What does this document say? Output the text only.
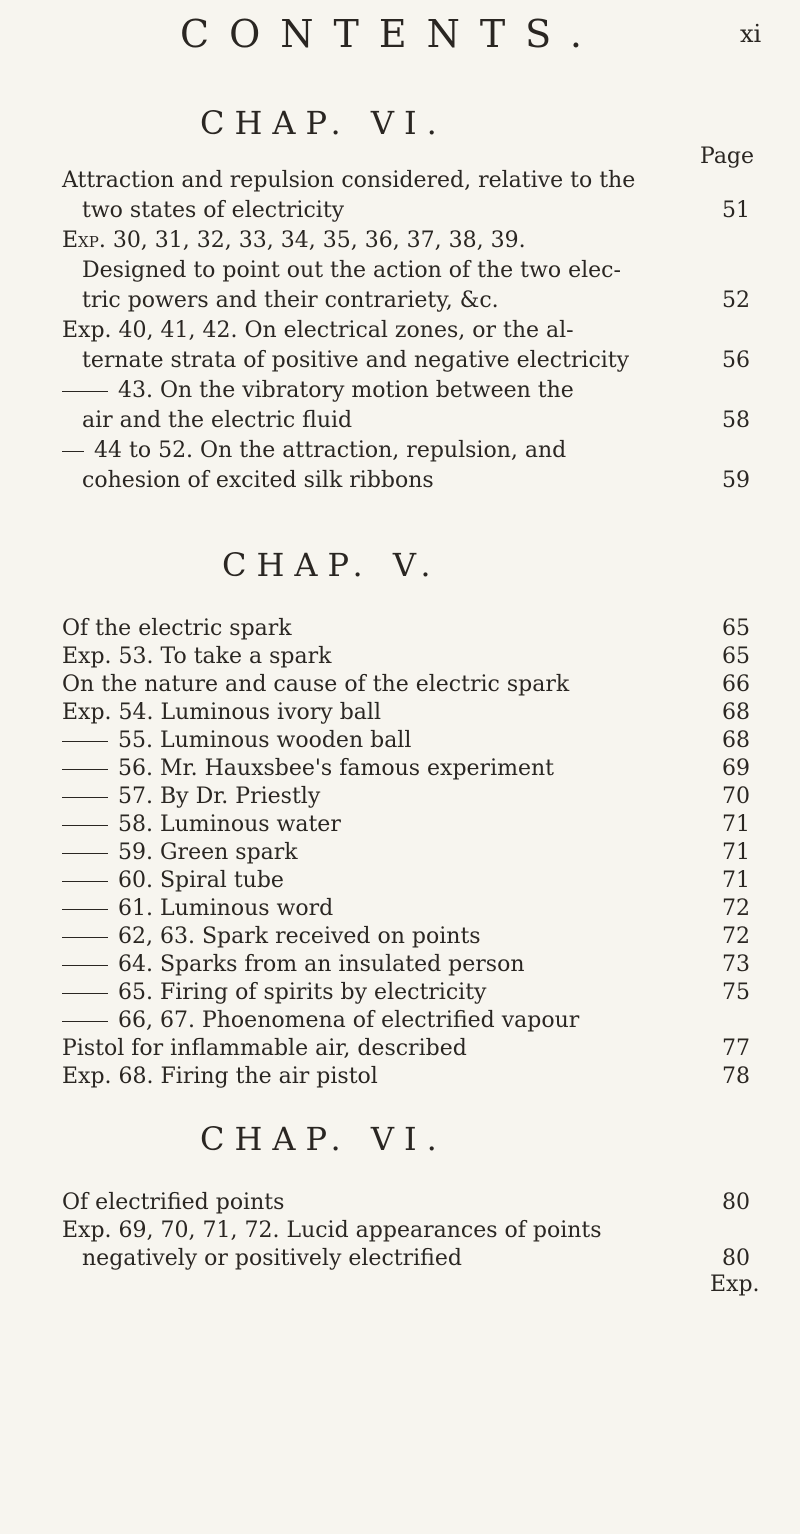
CONTENTS.	xi
CHAP. VI.
Page
Attraction and repulsion considered, relative to the
two states of electricity	51
Exp. 30, 31, 32, 33, 34, 35, 36, 37, 38, 39.
Designed to point out the action of the two elec-
tric powers and their contrariety, &c.	52
Exp. 40, 41, 42. On electrical zones, or the al-
ternate strata of positive and negative electricity	56
43. On the vibratory motion between the
air and the electric fluid	58
44 to 52. On the attraction, repulsion, and
cohesion of excited silk ribbons	59
CHAP. V.
Of the electric spark	65
Exp. 53. To take a spark	65
On the nature and cause of the electric spark	66
Exp. 54. Luminous ivory ball	68
55. Luminous wooden ball	68
56. Mr. Hauxsbee's famous experiment	69
57. By Dr. Priestly	70
58. Luminous water	71
59. Green spark	71
60. Spiral tube	71
61. Luminous word	72
62, 63. Spark received on points	72
64. Sparks from an insulated person	73
65. Firing of spirits by electricity	75
66, 67. Phoenomena of electrified vapour
Pistol for inflammable air, described	77
Exp. 68. Firing the air pistol	78
CHAP. VI.
Of electrified points	80
Exp. 69, 70, 71, 72. Lucid appearances of points
negatively or positively electrified	80
Exp.
